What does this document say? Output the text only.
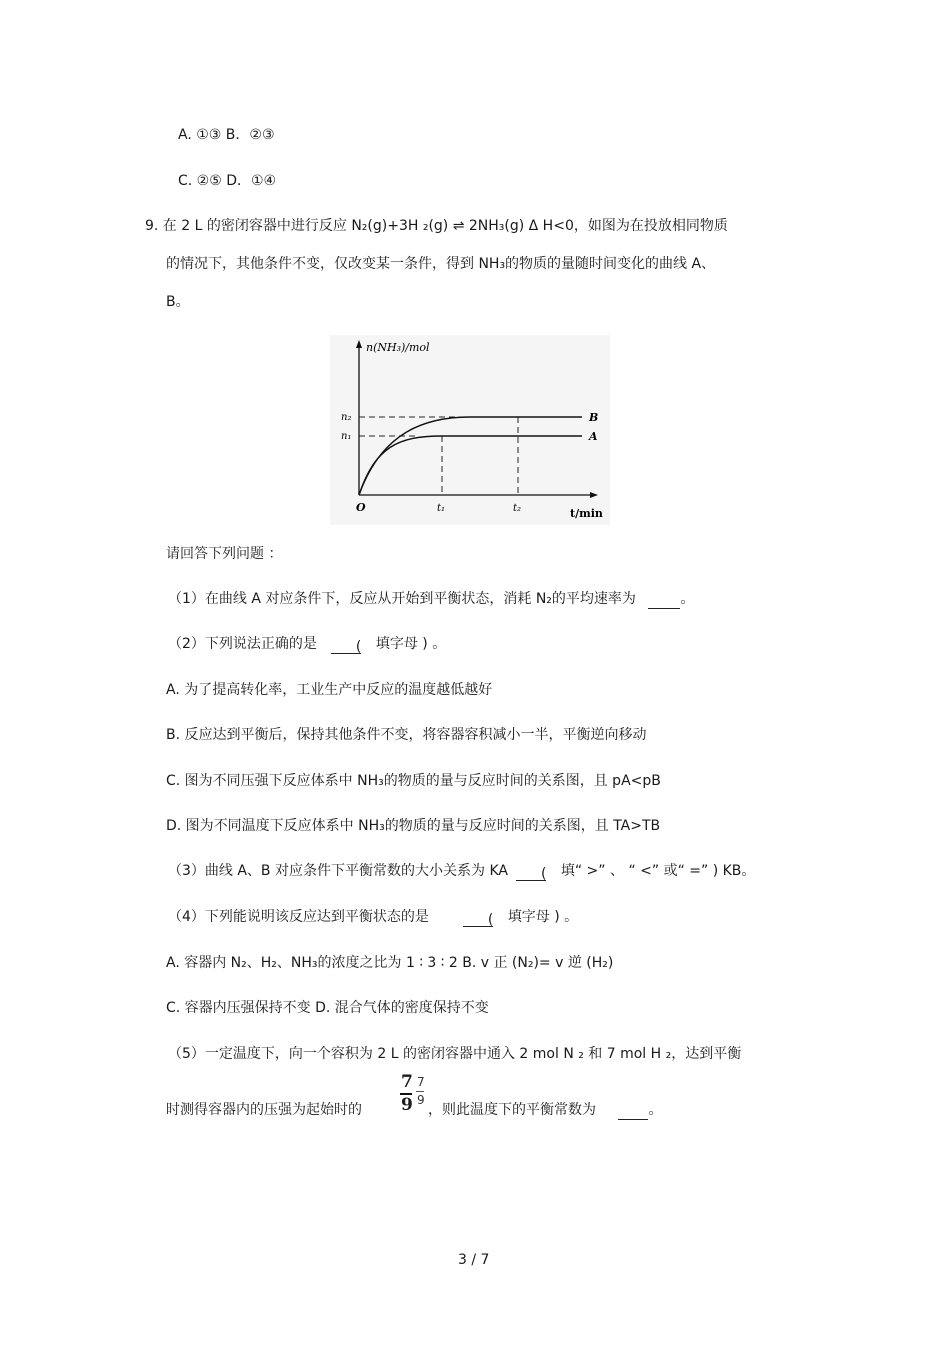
A. ①③ B．②③
C. ②⑤ D．①④
9. 在 2 L 的密闭容器中进行反应 N₂(g)+3H ₂(g) ⇌ 2NH₃(g) Δ H<0，如图为在投放相同物质
的情况下，其他条件不变，仅改变某一条件，得到 NH₃的物质的量随时间变化的曲线 A、
B。
n(NH₃)/mol
t/min
O
n₂
n₁
t₁	t₂
B
A
请回答下列问题 ：
（1）在曲线 A 对应条件下，反应从开始到平衡状态，消耗 N₂的平均速率为	。
（2）下列说法正确的是	( 填字母 ) 。
A. 为了提高转化率，工业生产中反应的温度越低越好
B. 反应达到平衡后，保持其他条件不变，将容器容积减小一半，平衡逆向移动
C. 图为不同压强下反应体系中 NH₃的物质的量与反应时间的关系图，且 pA<pB
D. 图为不同温度下反应体系中 NH₃的物质的量与反应时间的关系图，且 TA>TB
（3）曲线 A、B 对应条件下平衡常数的大小关系为 KA ( 填“ >” 、 “ <” 或“ =” ) KB。
（4）下列能说明该反应达到平衡状态的是	( 填字母 ) 。
A. 容器内 N₂、H₂、NH₃的浓度之比为 1 ∶ 3 ∶ 2 B. v 正 (N₂)= v 逆 (H₂)
C. 容器内压强保持不变 D. 混合气体的密度保持不变
（5）一定温度下，向一个容积为 2 L 的密闭容器中通入 2 mol N ₂ 和 7 mol H ₂，达到平衡
时测得容器内的压强为起始时的
7
9
7
9
，则此温度下的平衡常数为	。
3 / 7
